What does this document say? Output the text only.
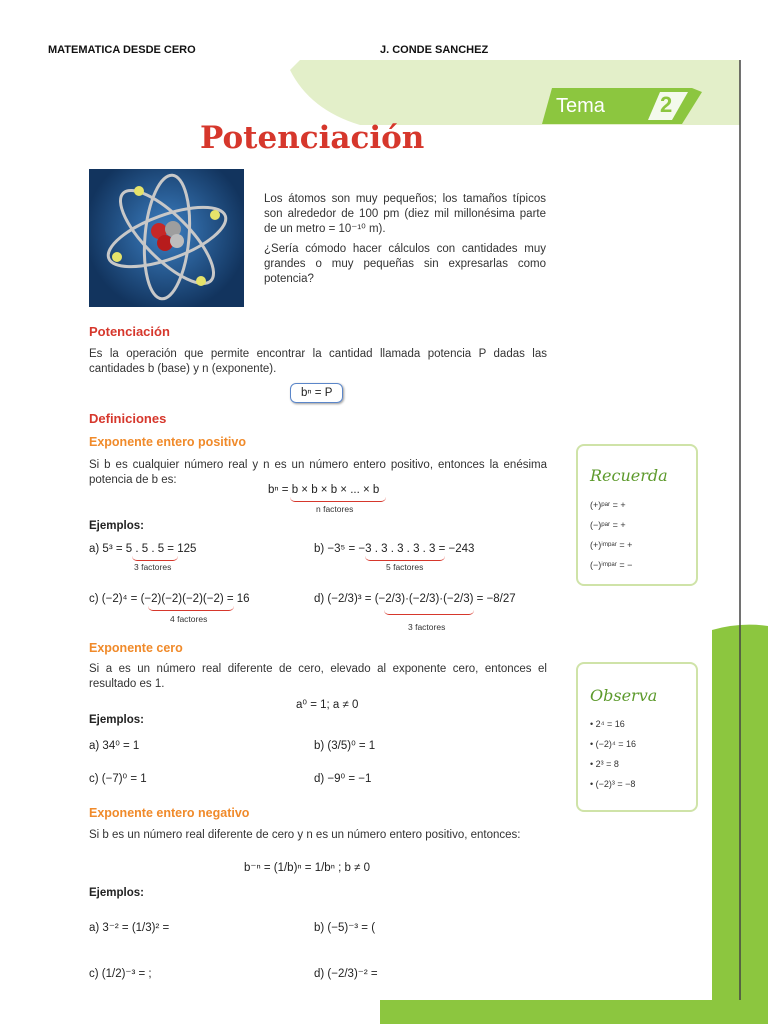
MATEMATICA DESDE CERO	J. CONDE SANCHEZ
Tema	2
Potenciación
Los átomos son muy pequeños; los tamaños típicos son alrededor de 100 pm (diez mil millonésima parte de un metro = 10⁻¹⁰ m).
¿Sería cómodo hacer cálculos con cantidades muy grandes o muy pequeñas sin expresarlas como potencia?
Potenciación
Es la operación que permite encontrar la cantidad llamada potencia P dadas las cantidades b (base) y n (exponente).
bⁿ = P
Definiciones
Exponente entero positivo
Si b es cualquier número real y n es un número entero positivo, entonces la enésima potencia de b es:
bⁿ = b × b × b × ... × b
n factores
Ejemplos:
a) 5³ = 5 . 5 . 5 = 125
3 factores
b) −3⁵ = −3 . 3 . 3 . 3 . 3 = −243
5 factores
c) (−2)⁴ = (−2)(−2)(−2)(−2) = 16
4 factores
d) (−2/3)³ = (−2/3)·(−2/3)·(−2/3) = −8/27
3 factores
Exponente cero
Si a es un número real diferente de cero, elevado al exponente cero, entonces el resultado es 1.
a⁰ = 1; a ≠ 0
Ejemplos:
a) 34⁰ = 1	b) (3/5)⁰ = 1
c) (−7)⁰ = 1	d) −9⁰ = −1
Exponente entero negativo
Si b es un número real diferente de cero y n es un número entero positivo, entonces:
b⁻ⁿ = (1/b)ⁿ = 1/bⁿ ; b ≠ 0
Ejemplos:
a) 3⁻² = (1/3)² =	b) (−5)⁻³ = (
c) (1/2)⁻³ = ;	d) (−2/3)⁻² =
Recuerda
(+)ᵖᵃʳ = +
(−)ᵖᵃʳ = +
(+)ⁱᵐᵖᵃʳ = +
(−)ⁱᵐᵖᵃʳ = −
Observa
• 2⁴ = 16
• (−2)⁴ = 16
• 2³ = 8
• (−2)³ = −8
